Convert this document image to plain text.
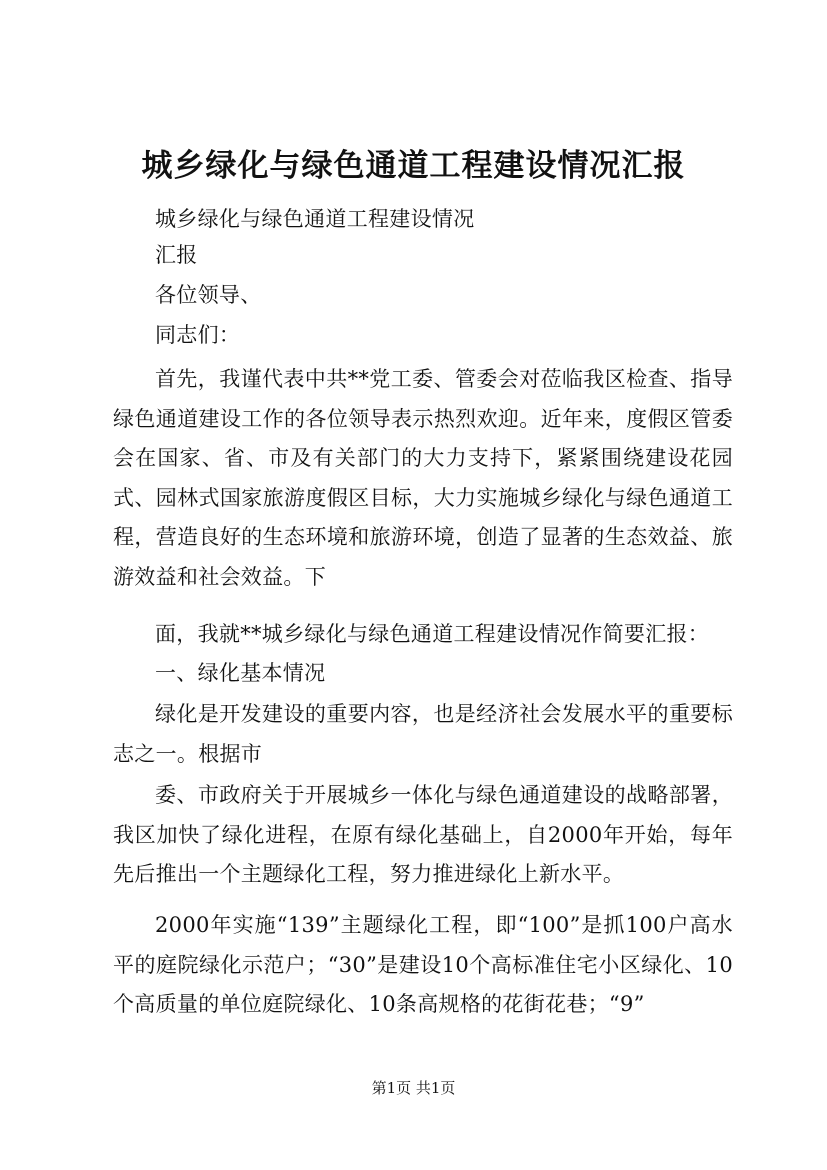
城乡绿化与绿色通道工程建设情况汇报
城乡绿化与绿色通道工程建设情况
汇报
各位领导、
同志们：
首先，我谨代表中共**党工委、管委会对莅临我区检查、指导绿色通道建设工作的各位领导表示热烈欢迎。近年来，度假区管委会在国家、省、市及有关部门的大力支持下，紧紧围绕建设花园式、园林式国家旅游度假区目标，大力实施城乡绿化与绿色通道工程，营造良好的生态环境和旅游环境，创造了显著的生态效益、旅游效益和社会效益。下
面，我就**城乡绿化与绿色通道工程建设情况作简要汇报：
一、绿化基本情况
绿化是开发建设的重要内容，也是经济社会发展水平的重要标志之一。根据市
委、市政府关于开展城乡一体化与绿色通道建设的战略部署，我区加快了绿化进程，在原有绿化基础上，自2000年开始，每年先后推出一个主题绿化工程，努力推进绿化上新水平。
2000年实施“139”主题绿化工程，即“100”是抓100户高水平的庭院绿化示范户；“30”是建设10个高标准住宅小区绿化、10个高质量的单位庭院绿化、10条高规格的花街花巷；“9”
第1页 共1页
